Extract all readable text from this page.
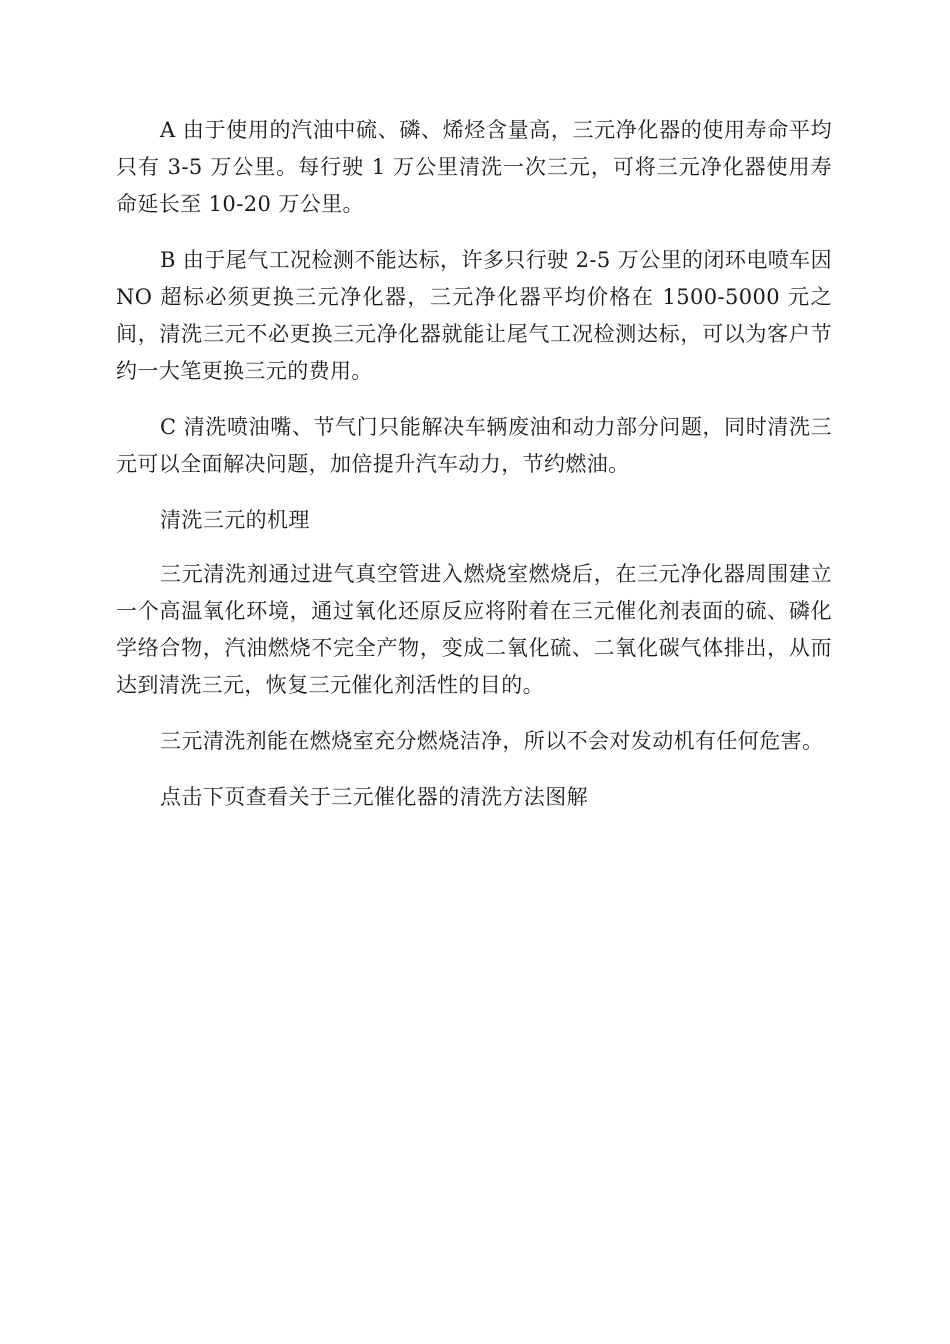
A 由于使用的汽油中硫、磷、烯烃含量高，三元净化器的使用寿命平均只有 3-5 万公里。每行驶 1 万公里清洗一次三元，可将三元净化器使用寿命延长至 10-20 万公里。

B 由于尾气工况检测不能达标，许多只行驶 2-5 万公里的闭环电喷车因 NO 超标必须更换三元净化器，三元净化器平均价格在 1500-5000 元之间，清洗三元不必更换三元净化器就能让尾气工况检测达标，可以为客户节约一大笔更换三元的费用。

C 清洗喷油嘴、节气门只能解决车辆废油和动力部分问题，同时清洗三元可以全面解决问题，加倍提升汽车动力，节约燃油。

清洗三元的机理

三元清洗剂通过进气真空管进入燃烧室燃烧后，在三元净化器周围建立一个高温氧化环境，通过氧化还原反应将附着在三元催化剂表面的硫、磷化学络合物，汽油燃烧不完全产物，变成二氧化硫、二氧化碳气体排出，从而达到清洗三元，恢复三元催化剂活性的目的。

三元清洗剂能在燃烧室充分燃烧洁净，所以不会对发动机有任何危害。

点击下页查看关于三元催化器的清洗方法图解
